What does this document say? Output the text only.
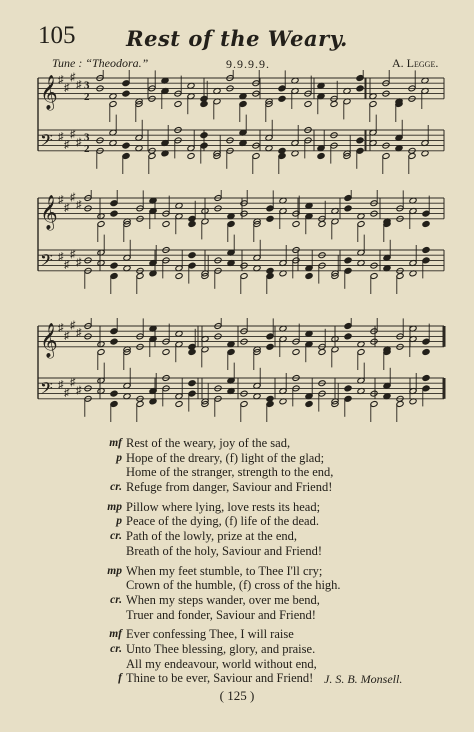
105	Rest of the Weary.
Tune : “Theodora.”	9.9.9.9.	A. Legge.
𝄞 ♯
♯
♯
♯ 3
2
𝄢 ♯
♯
♯
♯ 3
2
𝄞 ♯
♯
♯
♯
𝄢 ♯
♯
♯
♯
𝄞 ♯
♯
♯
♯
𝄢 ♯
♯
♯
♯
mf Rest of the weary, joy of the sad,
p Hope of the dreary, (f) light of the glad;
Home of the stranger, strength to the end,
cr. Refuge from danger, Saviour and Friend!
mp Pillow where lying, love rests its head;
p Peace of the dying, (f) life of the dead.
cr. Path of the lowly, prize at the end,
Breath of the holy, Saviour and Friend!
mp When my feet stumble, to Thee I'll cry;
Crown of the humble, (f) cross of the high.
cr. When my steps wander, over me bend,
Truer and fonder, Saviour and Friend!
mf Ever confessing Thee, I will raise
cr. Unto Thee blessing, glory, and praise.
All my endeavour, world without end,
f Thine to be ever, Saviour and Friend! J. S. B. Monsell.
( 125 )
